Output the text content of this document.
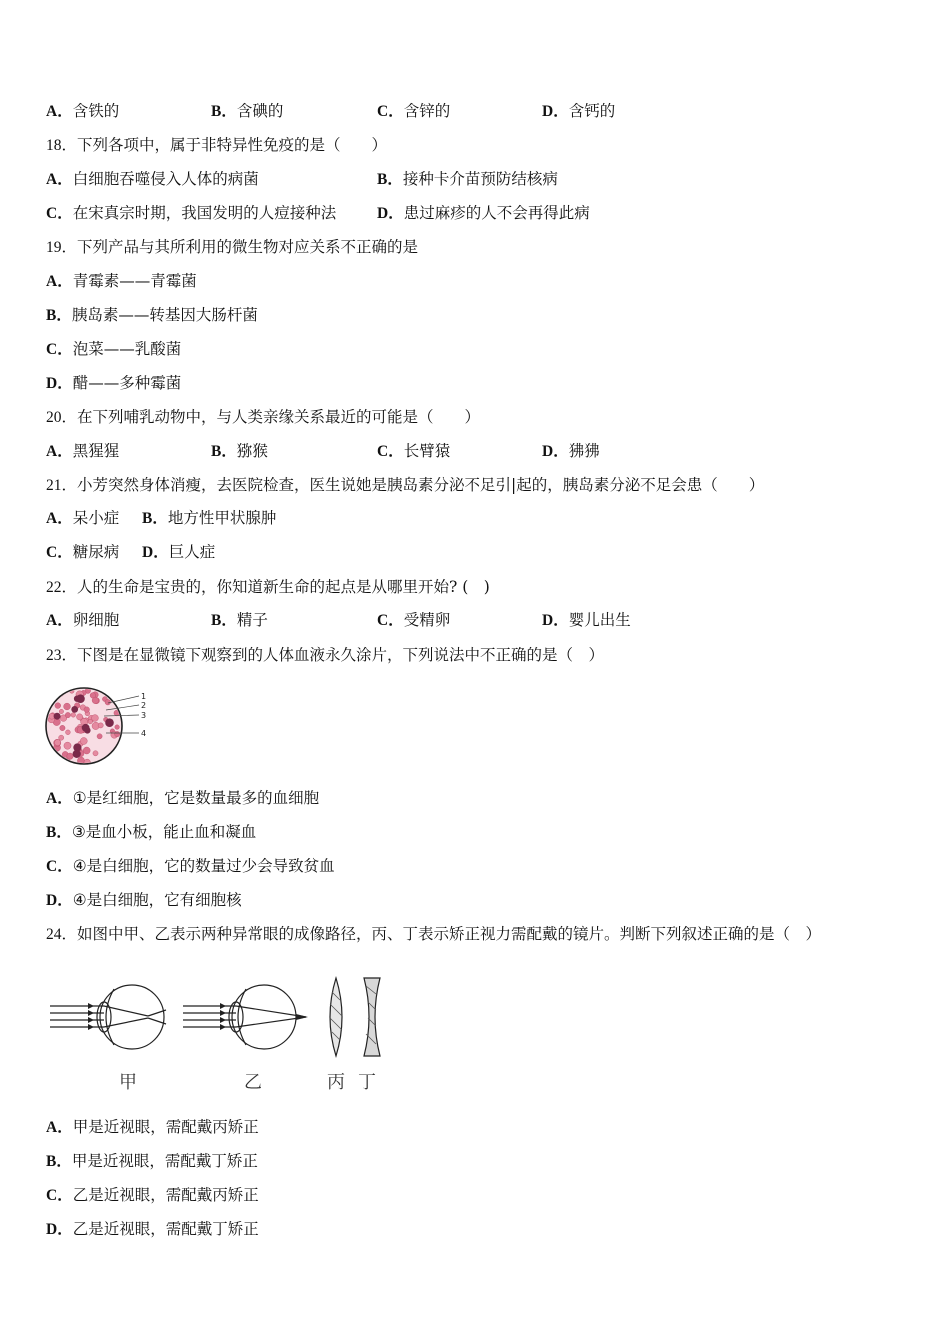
A．含铁的	B．含碘的	C．含锌的	D．含钙的
18．下列各项中，属于非特异性免疫的是（　　）
A．白细胞吞噬侵入人体的病菌	B．接种卡介苗预防结核病
C．在宋真宗时期，我国发明的人痘接种法	D．患过麻疹的人不会再得此病
19．下列产品与其所利用的微生物对应关系不正确的是
A．青霉素——青霉菌
B．胰岛素——转基因大肠杆菌
C．泡菜——乳酸菌
D．醋——多种霉菌
20．在下列哺乳动物中，与人类亲缘关系最近的可能是（　　）
A．黑猩猩	B．猕猴	C．长臂猿	D．狒狒
21．小芳突然身体消瘦，去医院检查，医生说她是胰岛素分泌不足引|起的，胰岛素分泌不足会患（　　）
A．呆小症 B．地方性甲状腺肿
C．糖尿病 D．巨人症
22．人的生命是宝贵的，你知道新生命的起点是从哪里开始? (　)
A．卵细胞	B．精子	C．受精卵	D．婴儿出生
23．下图是在显微镜下观察到的人体血液永久涂片，下列说法中不正确的是（　）
1
2
3
4
A．①是红细胞，它是数量最多的血细胞
B．③是血小板，能止血和凝血
C．④是白细胞，它的数量过少会导致贫血
D．④是白细胞，它有细胞核
24．如图中甲、乙表示两种异常眼的成像路径，丙、丁表示矫正视力需配戴的镜片。判断下列叙述正确的是（　）
甲	乙	丙 丁
A．甲是近视眼，需配戴丙矫正
B．甲是近视眼，需配戴丁矫正
C．乙是近视眼，需配戴丙矫正
D．乙是近视眼，需配戴丁矫正
